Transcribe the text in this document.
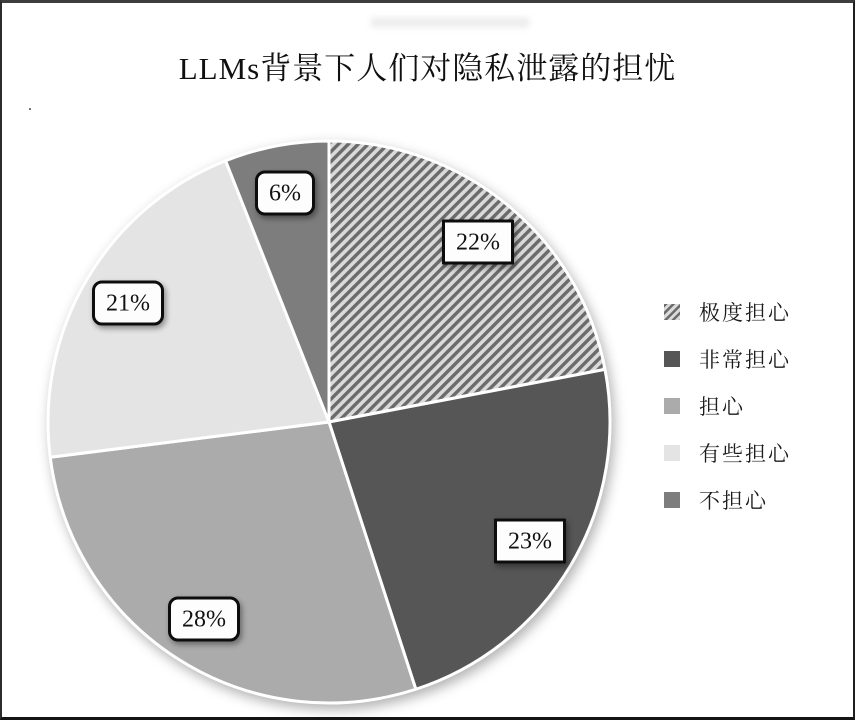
LLMs背景下人们对隐私泄露的担忧
.
22%
23%
28%
21%
6%
极度担心
非常担心
担心
有些担心
不担心
